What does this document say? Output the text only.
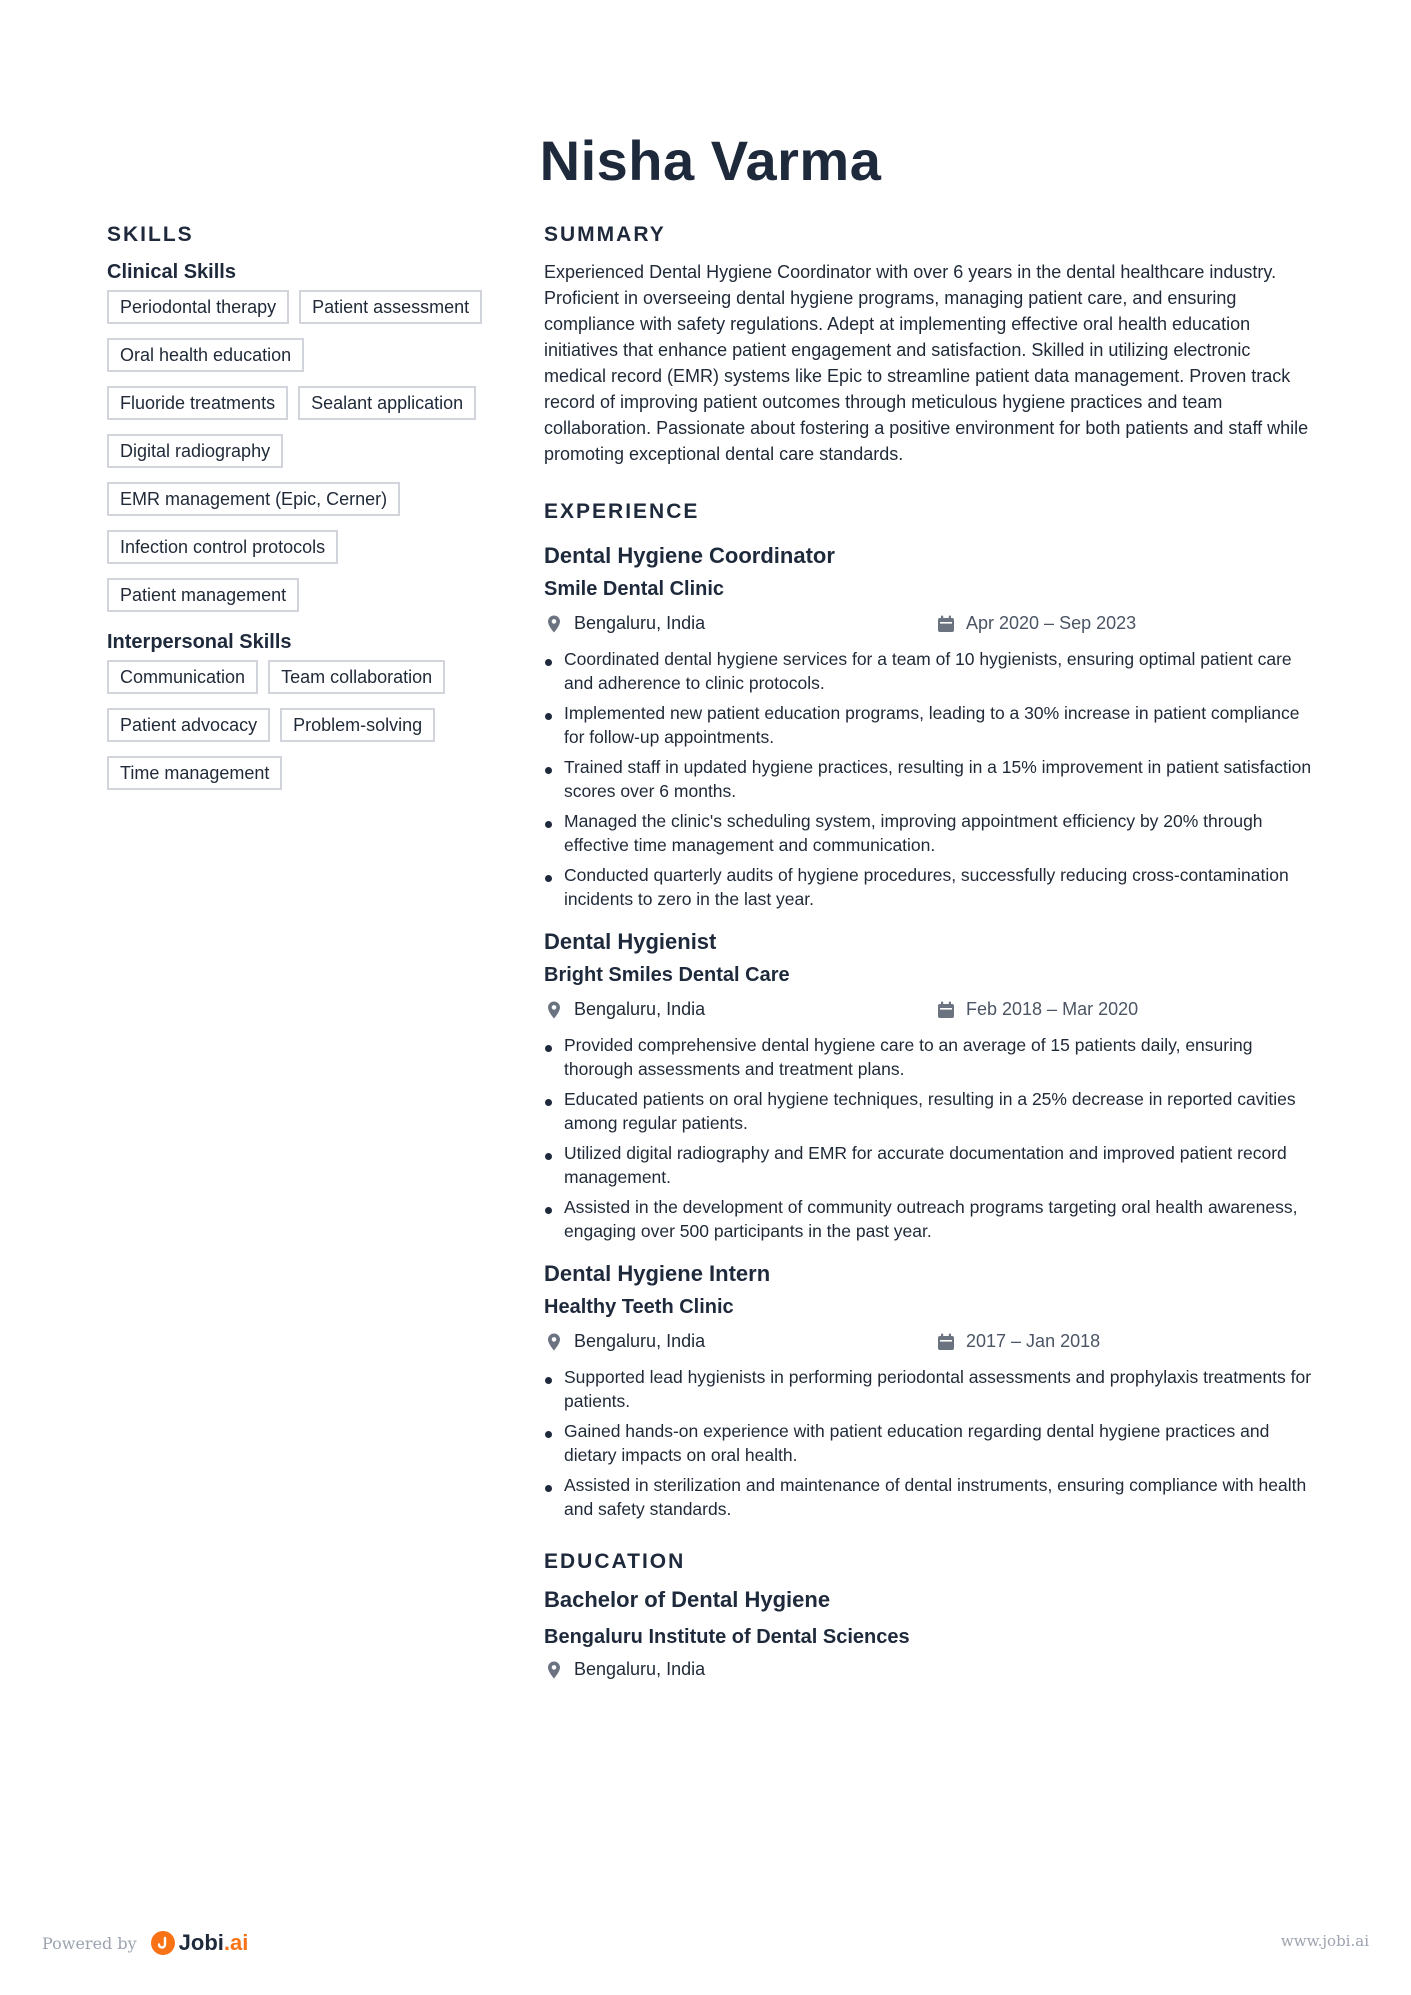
Nisha Varma
SKILLS
Clinical Skills
Periodontal therapy	Patient assessment
Oral health education
Fluoride treatments	Sealant application
Digital radiography
EMR management (Epic, Cerner)
Infection control protocols
Patient management
Interpersonal Skills
Communication	Team collaboration
Patient advocacy	Problem-solving
Time management
SUMMARY

Experienced Dental Hygiene Coordinator with over 6 years in the dental healthcare industry. Proficient in overseeing dental hygiene programs, managing patient care, and ensuring compliance with safety regulations. Adept at implementing effective oral health education initiatives that enhance patient engagement and satisfaction. Skilled in utilizing electronic medical record (EMR) systems like Epic to streamline patient data management. Proven track record of improving patient outcomes through meticulous hygiene practices and team collaboration. Passionate about fostering a positive environment for both patients and staff while promoting exceptional dental care standards.

EXPERIENCE
Dental Hygiene Coordinator
Smile Dental Clinic
Bengaluru, India	Apr 2020 – Sep 2023
Coordinated dental hygiene services for a team of 10 hygienists, ensuring optimal patient care and adherence to clinic protocols.
Implemented new patient education programs, leading to a 30% increase in patient compliance for follow-up appointments.
Trained staff in updated hygiene practices, resulting in a 15% improvement in patient satisfaction scores over 6 months.
Managed the clinic's scheduling system, improving appointment efficiency by 20% through effective time management and communication.
Conducted quarterly audits of hygiene procedures, successfully reducing cross-contamination incidents to zero in the last year.
Dental Hygienist
Bright Smiles Dental Care
Bengaluru, India	Feb 2018 – Mar 2020
Provided comprehensive dental hygiene care to an average of 15 patients daily, ensuring thorough assessments and treatment plans.
Educated patients on oral hygiene techniques, resulting in a 25% decrease in reported cavities among regular patients.
Utilized digital radiography and EMR for accurate documentation and improved patient record management.
Assisted in the development of community outreach programs targeting oral health awareness, engaging over 500 participants in the past year.
Dental Hygiene Intern
Healthy Teeth Clinic
Bengaluru, India	2017 – Jan 2018
Supported lead hygienists in performing periodontal assessments and prophylaxis treatments for patients.
Gained hands-on experience with patient education regarding dental hygiene practices and dietary impacts on oral health.
Assisted in sterilization and maintenance of dental instruments, ensuring compliance with health and safety standards.
EDUCATION
Bachelor of Dental Hygiene
Bengaluru Institute of Dental Sciences
Bengaluru, India
Powered by Jobi.ai	www.jobi.ai
